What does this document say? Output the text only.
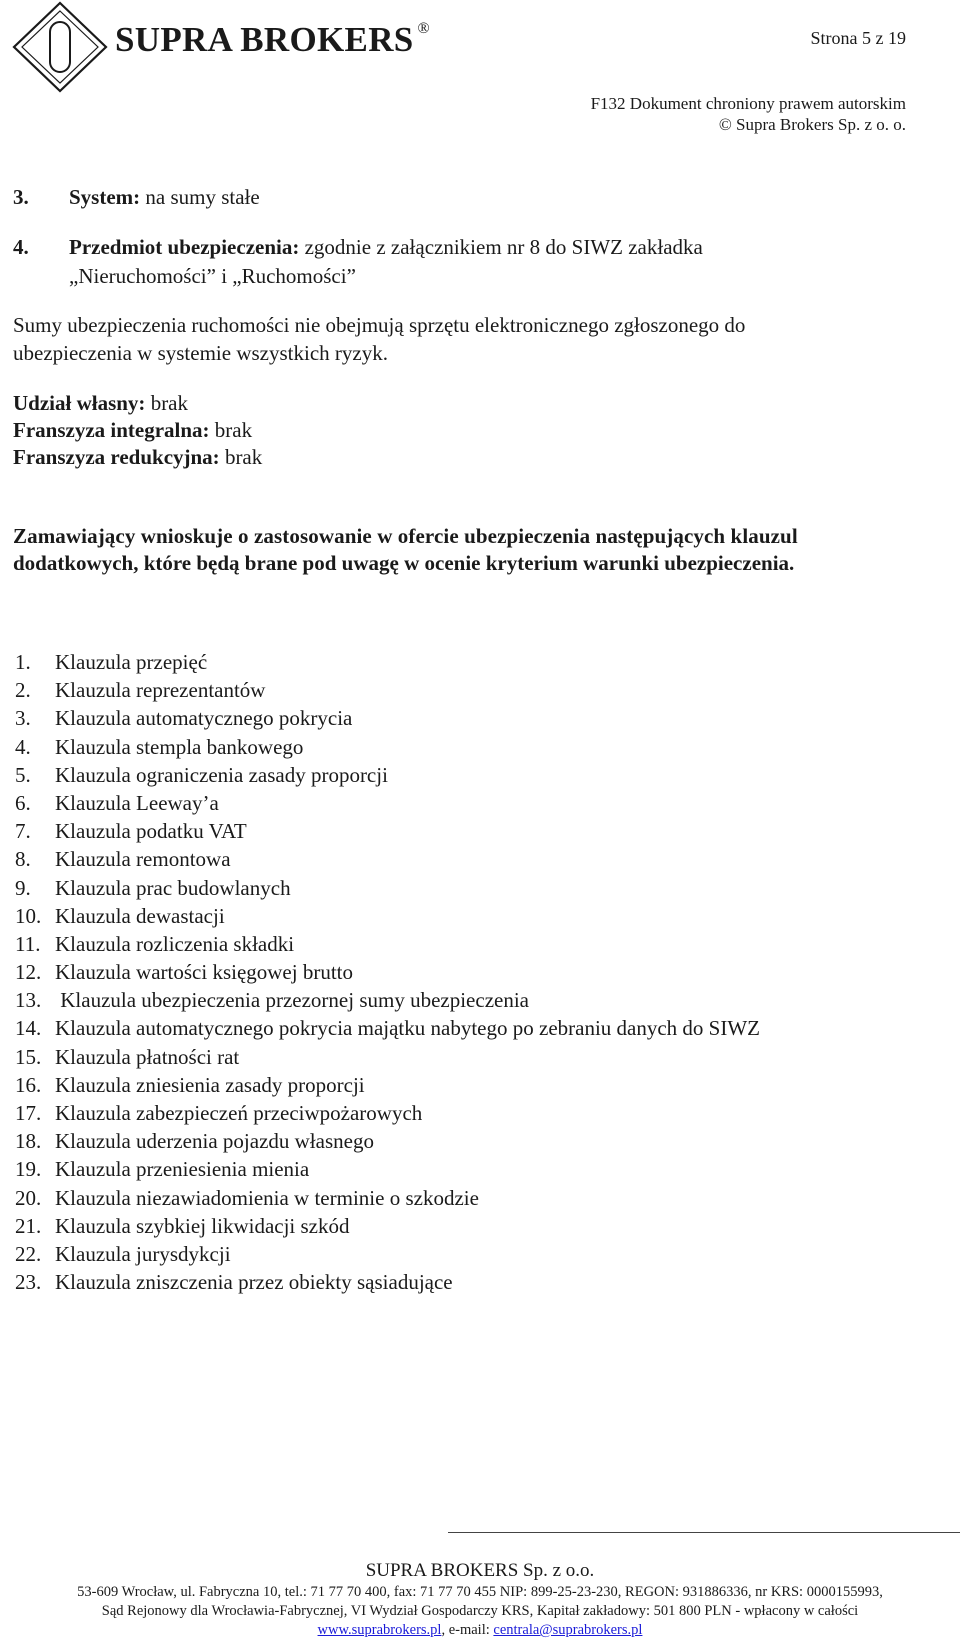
SUPRA BROKERS ®	Strona 5 z 19
F132 Dokument chroniony prawem autorskim
© Supra Brokers Sp. z o. o.
3. System: na sumy stałe
4. Przedmiot ubezpieczenia: zgodnie z załącznikiem nr 8 do SIWZ zakładka
„Nieruchomości” i „Ruchomości”
Sumy ubezpieczenia ruchomości nie obejmują sprzętu elektronicznego zgłoszonego do
ubezpieczenia w systemie wszystkich ryzyk.
Udział własny: brak
Franszyza integralna: brak
Franszyza redukcyjna: brak
Zamawiający wnioskuje o zastosowanie w ofercie ubezpieczenia następujących klauzul
dodatkowych, które będą brane pod uwagę w ocenie kryterium warunki ubezpieczenia.
1. Klauzula przepięć
2. Klauzula reprezentantów
3. Klauzula automatycznego pokrycia
4. Klauzula stempla bankowego
5. Klauzula ograniczenia zasady proporcji
6. Klauzula Leeway’a
7. Klauzula podatku VAT
8. Klauzula remontowa
9. Klauzula prac budowlanych
10. Klauzula dewastacji
11. Klauzula rozliczenia składki
12. Klauzula wartości księgowej brutto
13. Klauzula ubezpieczenia przezornej sumy ubezpieczenia
14. Klauzula automatycznego pokrycia majątku nabytego po zebraniu danych do SIWZ
15. Klauzula płatności rat
16. Klauzula zniesienia zasady proporcji
17. Klauzula zabezpieczeń przeciwpożarowych
18. Klauzula uderzenia pojazdu własnego
19. Klauzula przeniesienia mienia
20. Klauzula niezawiadomienia w terminie o szkodzie
21. Klauzula szybkiej likwidacji szkód
22. Klauzula jurysdykcji
23. Klauzula zniszczenia przez obiekty sąsiadujące
SUPRA BROKERS Sp. z o.o.
53-609 Wrocław, ul. Fabryczna 10, tel.: 71 77 70 400, fax: 71 77 70 455 NIP: 899-25-23-230, REGON: 931886336, nr KRS: 0000155993,
Sąd Rejonowy dla Wrocławia-Fabrycznej, VI Wydział Gospodarczy KRS, Kapitał zakładowy: 501 800 PLN - wpłacony w całości
www.suprabrokers.pl, e-mail: centrala@suprabrokers.pl
